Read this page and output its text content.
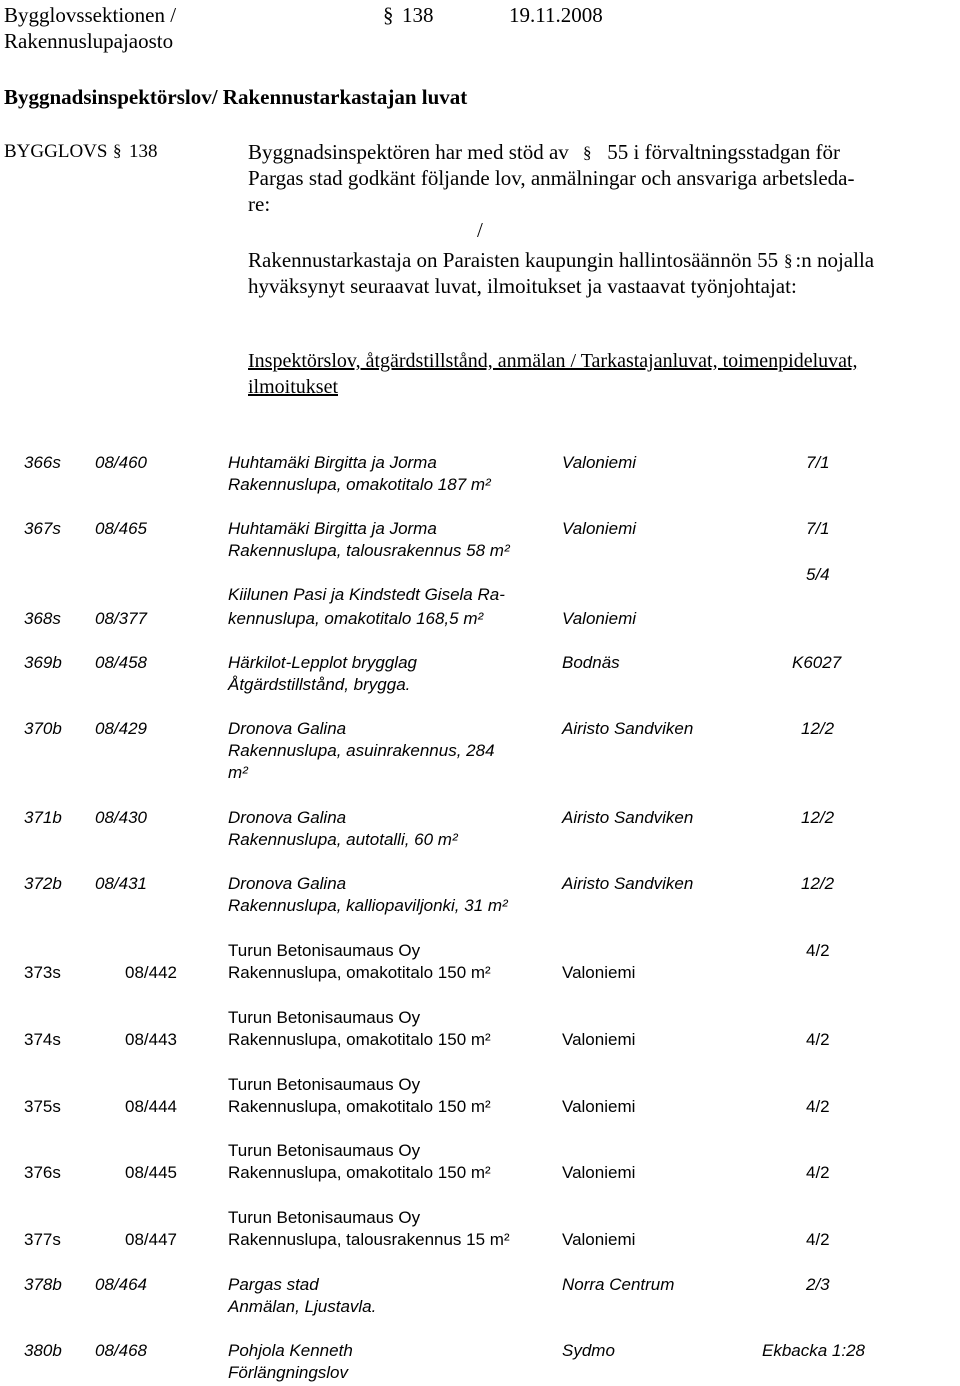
Bygglovssektionen /
Rakennuslupajaosto
§ 138	19.11.2008
Byggnadsinspektörslov/ Rakennustarkastajan luvat
BYGGLOVS § 138	Byggnadsinspektören har med stöd av § 55 i förvaltningsstadgan för
Pargas stad godkänt följande lov, anmälningar och ansvariga arbetsleda-
re:
/
Rakennustarkastaja on Paraisten kaupungin hallintosäännön 55 § :n nojalla
hyväksynyt seuraavat luvat, ilmoitukset ja vastaavat työnjohtajat:
Inspektörslov, åtgärdstillstånd, anmälan / Tarkastajanluvat, toimenpideluvat,
ilmoitukset
366s 08/460	Huhtamäki Birgitta ja Jorma
Rakennuslupa, omakotitalo 187 m²
Valoniemi	7/1
367s 08/465	Huhtamäki Birgitta ja Jorma
Rakennuslupa, talousrakennus 58 m²
Valoniemi	7/1
368s 08/377
Kiilunen Pasi ja Kindstedt Gisela Ra-
kennuslupa, omakotitalo 168,5 m²	Valoniemi
5/4
369b 08/458	Härkilot-Lepplot brygglag
Åtgärdstillstånd, brygga.
Bodnäs	K6027
370b 08/429	Dronova Galina
Rakennuslupa, asuinrakennus, 284
m²
Airisto Sandviken	12/2
371b 08/430	Dronova Galina
Rakennuslupa, autotalli, 60 m²
Airisto Sandviken	12/2
372b 08/431	Dronova Galina
Rakennuslupa, kalliopaviljonki, 31 m²
Airisto Sandviken	12/2
373s	08/442
Turun Betonisaumaus Oy
Rakennuslupa, omakotitalo 150 m²	Valoniemi
4/2
374s	08/443
Turun Betonisaumaus Oy
Rakennuslupa, omakotitalo 150 m²	Valoniemi	4/2
375s	08/444
Turun Betonisaumaus Oy
Rakennuslupa, omakotitalo 150 m²	Valoniemi	4/2
376s	08/445
Turun Betonisaumaus Oy
Rakennuslupa, omakotitalo 150 m²	Valoniemi	4/2
377s	08/447
Turun Betonisaumaus Oy
Rakennuslupa, talousrakennus 15 m²	Valoniemi	4/2
378b 08/464	Pargas stad
Anmälan, Ljustavla.
Norra Centrum	2/3
380b 08/468	Pohjola Kenneth
Förlängningslov
Sydmo	Ekbacka 1:28
